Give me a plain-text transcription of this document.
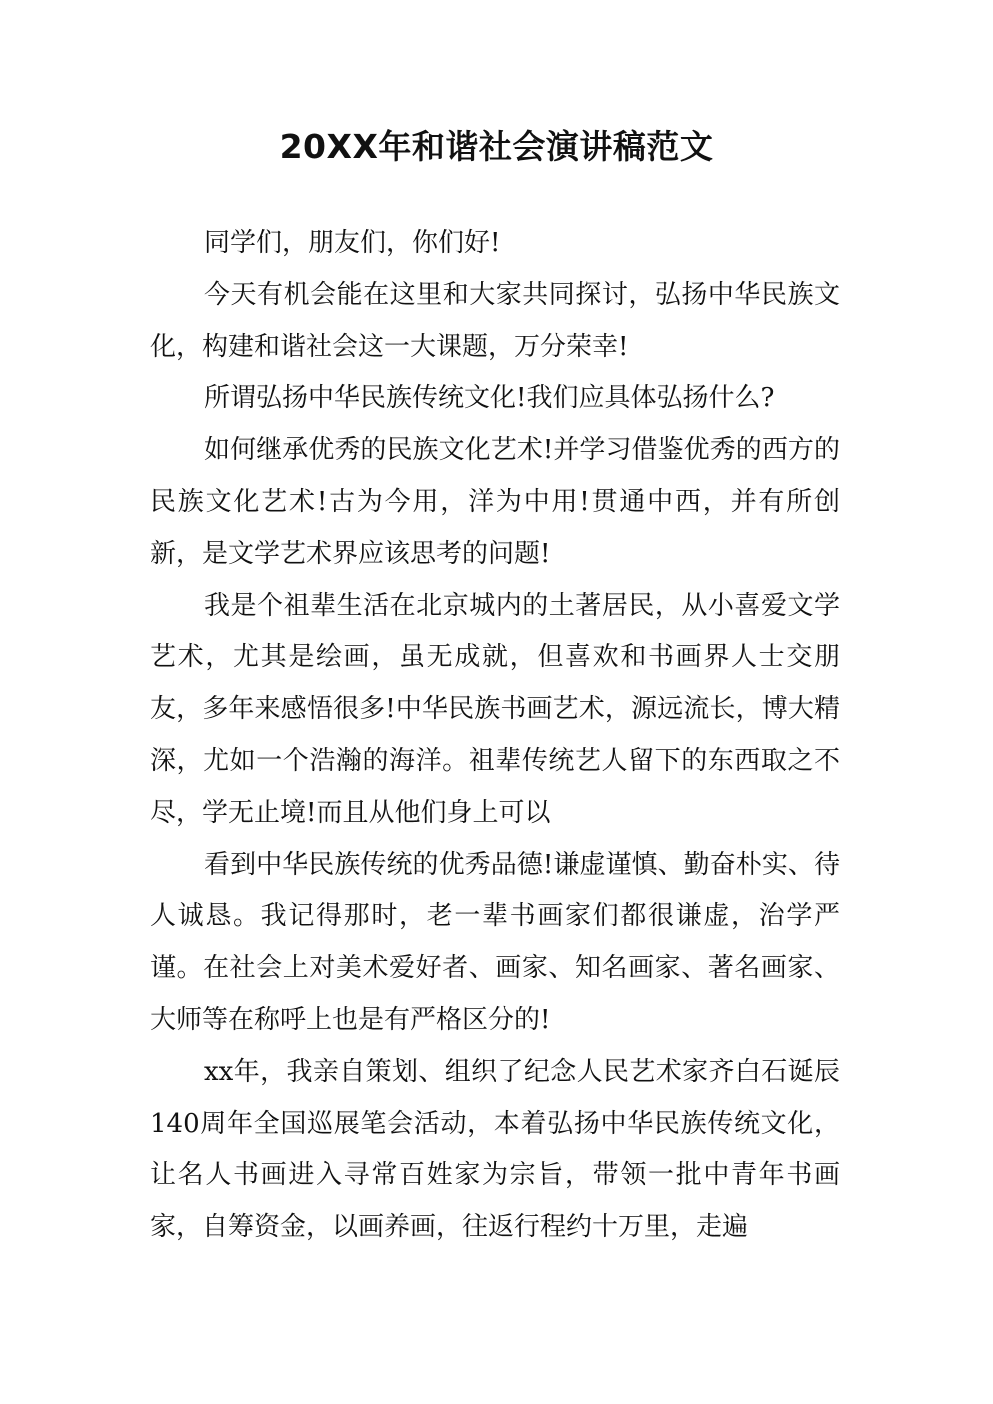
20XX年和谐社会演讲稿范文

同学们，朋友们，你们好!

今天有机会能在这里和大家共同探讨，弘扬中华民族文化，构建和谐社会这一大课题，万分荣幸!

所谓弘扬中华民族传统文化!我们应具体弘扬什么?

如何继承优秀的民族文化艺术!并学习借鉴优秀的西方的民族文化艺术!古为今用，洋为中用!贯通中西，并有所创新，是文学艺术界应该思考的问题!

我是个祖辈生活在北京城内的土著居民，从小喜爱文学艺术，尤其是绘画，虽无成就，但喜欢和书画界人士交朋友，多年来感悟很多!中华民族书画艺术，源远流长，博大精深，尤如一个浩瀚的海洋。祖辈传统艺人留下的东西取之不尽，学无止境!而且从他们身上可以

看到中华民族传统的优秀品德!谦虚谨慎、勤奋朴实、待人诚恳。我记得那时，老一辈书画家们都很谦虚，治学严谨。在社会上对美术爱好者、画家、知名画家、著名画家、大师等在称呼上也是有严格区分的!

xx年，我亲自策划、组织了纪念人民艺术家齐白石诞辰140周年全国巡展笔会活动，本着弘扬中华民族传统文化，让名人书画进入寻常百姓家为宗旨，带领一批中青年书画家，自筹资金，以画养画，往返行程约十万里，走遍
